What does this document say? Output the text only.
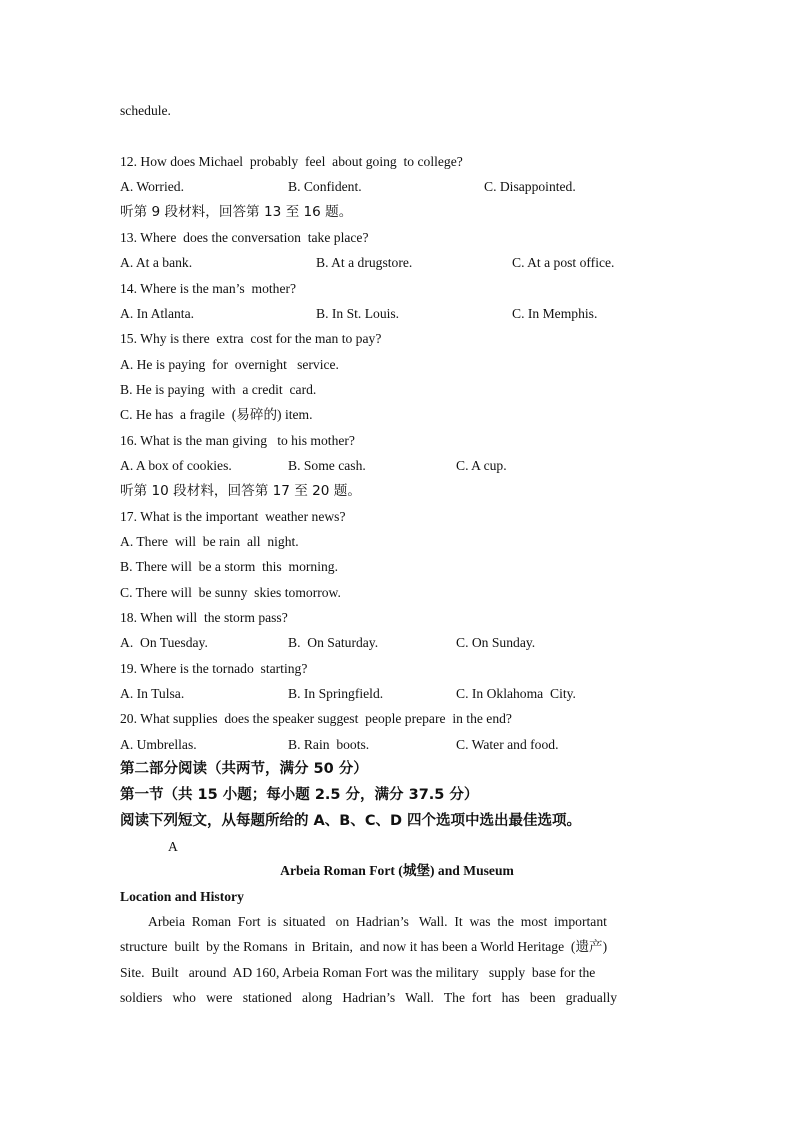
schedule.
12. How does Michael  probably  feel  about going  to college?
A. Worried.	B. Confident.	C. Disappointed.
听第 9 段材料，回答第 13 至 16 题。
13. Where  does the conversation  take place?
A. At a bank.	B. At a drugstore.	C. At a post office.
14. Where is the man’s  mother?
A. In Atlanta.	B. In St. Louis.	C. In Memphis.
15. Why is there  extra  cost for the man to pay?
A. He is paying  for  overnight   service.
B. He is paying  with  a credit  card.
C. He has  a fragile  (易碎的) item.
16. What is the man giving   to his mother?
A. A box of cookies.	B. Some cash.	C. A cup.
听第 10 段材料，回答第 17 至 20 题。
17. What is the important  weather news?
A. There  will  be rain  all  night.
B. There will  be a storm  this  morning.
C. There will  be sunny  skies tomorrow.
18. When will  the storm pass?
A.  On Tuesday.	B.  On Saturday.	C. On Sunday.
19. Where is the tornado  starting?
A. In Tulsa.	B. In Springfield.	C. In Oklahoma  City.
20. What supplies  does the speaker suggest  people prepare  in the end?
A. Umbrellas.	B. Rain  boots.	C. Water and food.
第二部分阅读（共两节，满分 50 分）
第一节（共 15 小题；每小题 2.5 分，满分 37.5 分）
阅读下列短文，从每题所给的 A、B、C、D 四个选项中选出最佳选项。
A
Arbeia Roman Fort (城堡) and Museum
Location and History
Arbeia  Roman  Fort  is  situated   on  Hadrian’s   Wall.  It  was  the  most  important
structure  built  by the Romans  in  Britain,  and now it has been a World Heritage  (遗产)
Site.  Built   around  AD 160, Arbeia Roman Fort was the military   supply  base for the
soldiers   who   were   stationed   along   Hadrian’s   Wall.   The  fort   has   been   gradually
